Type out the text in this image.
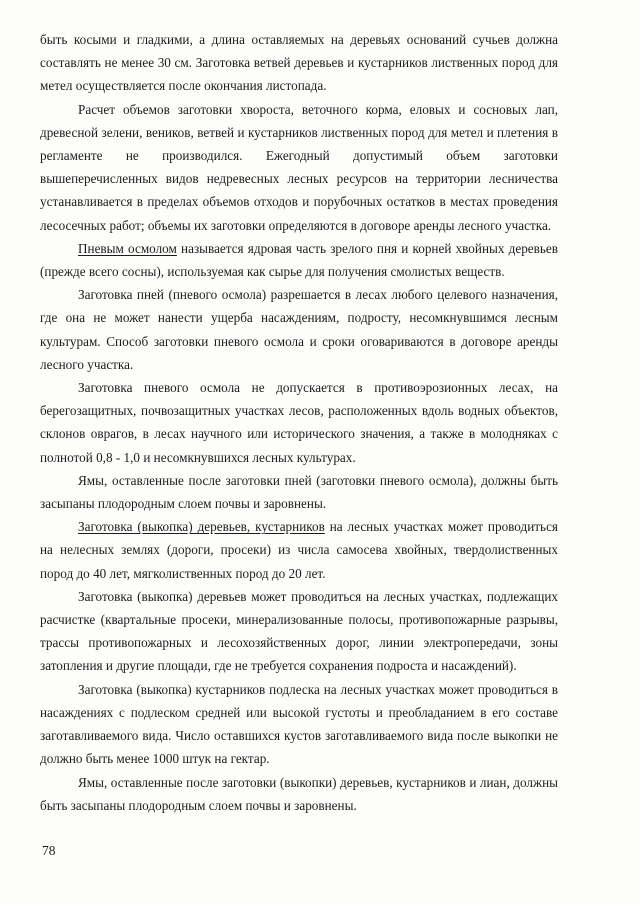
быть косыми и гладкими, а длина оставляемых на деревьях оснований сучьев должна составлять не менее 30 см. Заготовка ветвей деревьев и кустарников лиственных пород для метел осуществляется после окончания листопада.

Расчет объемов заготовки хвороста, веточного корма, еловых и сосновых лап, древесной зелени, веников, ветвей и кустарников лиственных пород для метел и плетения в регламенте не производился. Ежегодный допустимый объем заготовки вышеперечисленных видов недревесных лесных ресурсов на территории лесничества устанавливается в пределах объемов отходов и порубочных остатков в местах проведения лесосечных работ; объемы их заготовки определяются в договоре аренды лесного участка.

Пневым осмолом называется ядровая часть зрелого пня и корней хвойных деревьев (прежде всего сосны), используемая как сырье для получения смолистых веществ.

Заготовка пней (пневого осмола) разрешается в лесах любого целевого назначения, где она не может нанести ущерба насаждениям, подросту, несомкнувшимся лесным культурам. Способ заготовки пневого осмола и сроки оговариваются в договоре аренды лесного участка.

Заготовка пневого осмола не допускается в противоэрозионных лесах, на берегозащитных, почвозащитных участках лесов, расположенных вдоль водных объектов, склонов оврагов, в лесах научного или исторического значения, а также в молодняках с полнотой 0,8 - 1,0 и несомкнувшихся лесных культурах.

Ямы, оставленные после заготовки пней (заготовки пневого осмола), должны быть засыпаны плодородным слоем почвы и заровнены.

Заготовка (выкопка) деревьев, кустарников на лесных участках может проводиться на нелесных землях (дороги, просеки) из числа самосева хвойных, твердолиственных пород до 40 лет, мягколиственных пород до 20 лет.

Заготовка (выкопка) деревьев может проводиться на лесных участках, подлежащих расчистке (квартальные просеки, минерализованные полосы, противопожарные разрывы, трассы противопожарных и лесохозяйственных дорог, линии электропередачи, зоны затопления и другие площади, где не требуется сохранения подроста и насаждений).

Заготовка (выкопка) кустарников подлеска на лесных участках может проводиться в насаждениях с подлеском средней или высокой густоты и преобладанием в его составе заготавливаемого вида. Число оставшихся кустов заготавливаемого вида после выкопки не должно быть менее 1000 штук на гектар.

Ямы, оставленные после заготовки (выкопки) деревьев, кустарников и лиан, должны быть засыпаны плодородным слоем почвы и заровнены.

78
